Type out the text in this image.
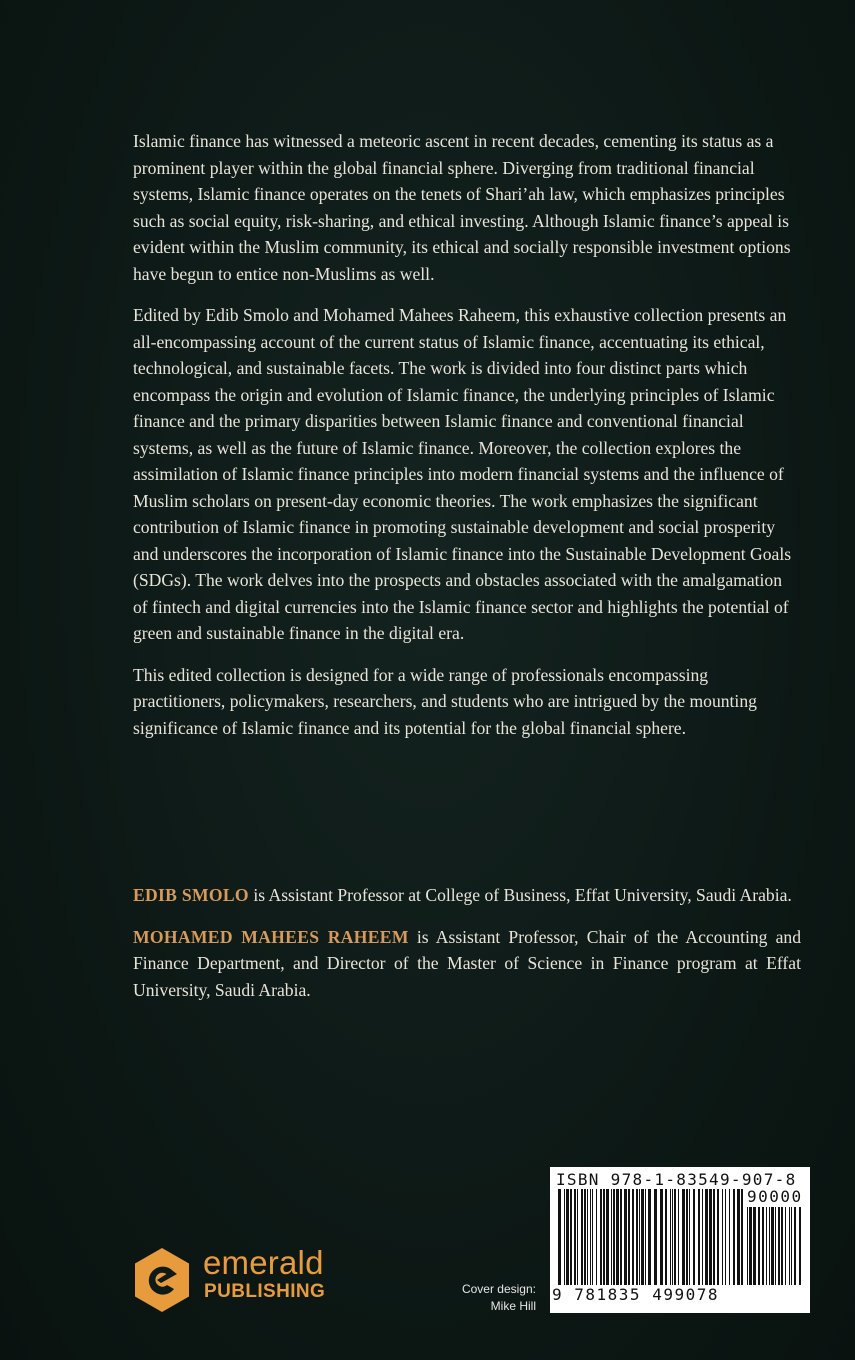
Islamic finance has witnessed a meteoric ascent in recent decades, cementing its status as a prominent player within the global financial sphere. Diverging from traditional financial systems, Islamic finance operates on the tenets of Shari’ah law, which emphasizes principles such as social equity, risk-sharing, and ethical investing. Although Islamic finance’s appeal is evident within the Muslim community, its ethical and socially responsible investment options have begun to entice non-Muslims as well.

Edited by Edib Smolo and Mohamed Mahees Raheem, this exhaustive collection presents an all-encompassing account of the current status of Islamic finance, accentuating its ethical, technological, and sustainable facets. The work is divided into four distinct parts which encompass the origin and evolution of Islamic finance, the underlying principles of Islamic finance and the primary disparities between Islamic finance and conventional financial systems, as well as the future of Islamic finance. Moreover, the collection explores the assimilation of Islamic finance principles into modern financial systems and the influence of Muslim scholars on present-day economic theories. The work emphasizes the significant contribution of Islamic finance in promoting sustainable development and social prosperity and underscores the incorporation of Islamic finance into the Sustainable Development Goals (SDGs). The work delves into the prospects and obstacles associated with the amalgamation of fintech and digital currencies into the Islamic finance sector and highlights the potential of green and sustainable finance in the digital era.

This edited collection is designed for a wide range of professionals encompassing practitioners, policymakers, researchers, and students who are intrigued by the mounting significance of Islamic finance and its potential for the global financial sphere.

EDIB SMOLO is Assistant Professor at College of Business, Effat University, Saudi Arabia.

MOHAMED MAHEES RAHEEM is Assistant Professor, Chair of the Accounting and Finance Department, and Director of the Master of Science in Finance program at Effat University, Saudi Arabia.

emerald
PUBLISHING	Cover design:
Mike Hill
ISBN 978-1-83549-907-8
90000
9 781835 499078
